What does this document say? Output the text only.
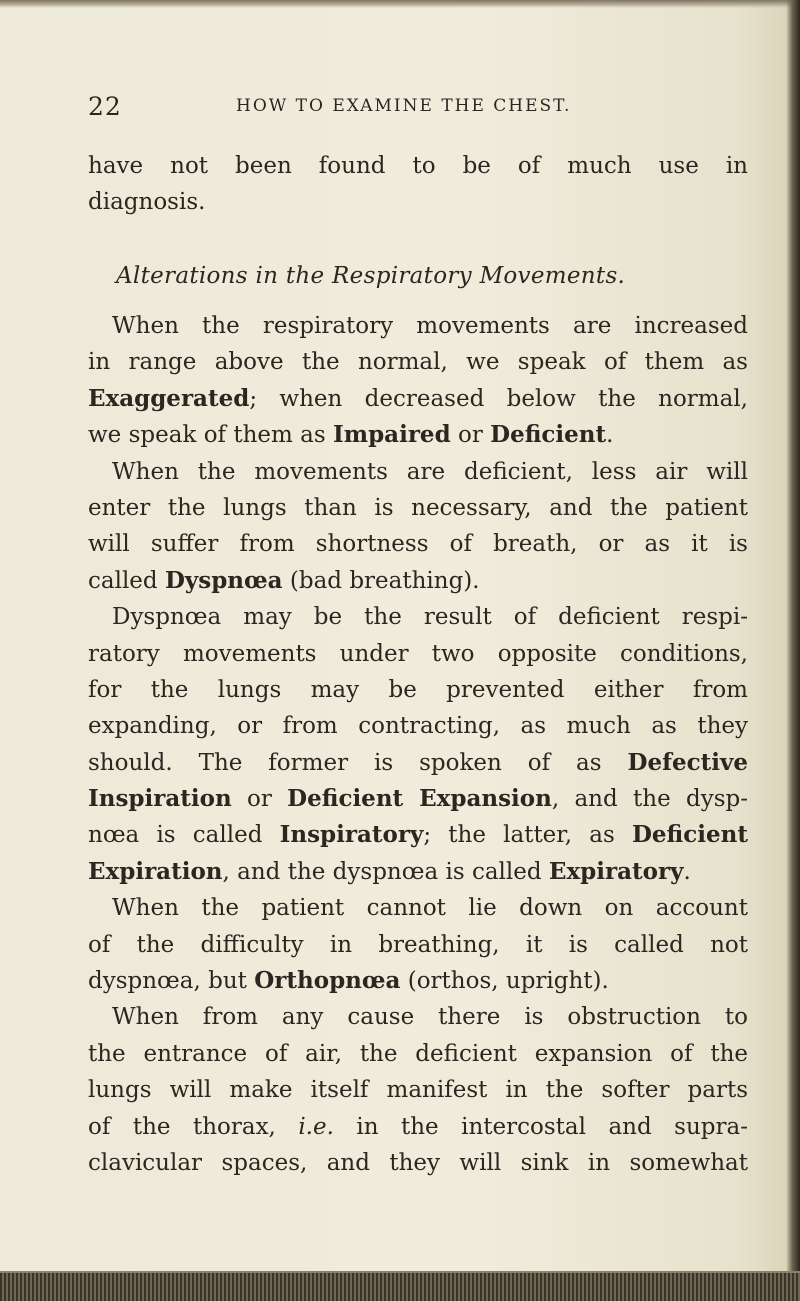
22	HOW TO EXAMINE THE CHEST.
have not been found to be of much use in
diagnosis.
Alterations in the Respiratory Movements.
When the respiratory movements are increased
in range above the normal, we speak of them as
Exaggerated; when decreased below the normal,
we speak of them as Impaired or Deficient.
When the movements are deficient, less air will
enter the lungs than is necessary, and the patient
will suffer from shortness of breath, or as it is
called Dyspnœa (bad breathing).
Dyspnœa may be the result of deficient respi-
ratory movements under two opposite conditions,
for the lungs may be prevented either from
expanding, or from contracting, as much as they
should. The former is spoken of as Defective
Inspiration or Deficient Expansion, and the dysp-
nœa is called Inspiratory; the latter, as Deficient
Expiration, and the dyspnœa is called Expiratory.
When the patient cannot lie down on account
of the difficulty in breathing, it is called not
dyspnœa, but Orthopnœa (orthos, upright).
When from any cause there is obstruction to
the entrance of air, the deficient expansion of the
lungs will make itself manifest in the softer parts
of the thorax, i.e. in the intercostal and supra-
clavicular spaces, and they will sink in somewhat
